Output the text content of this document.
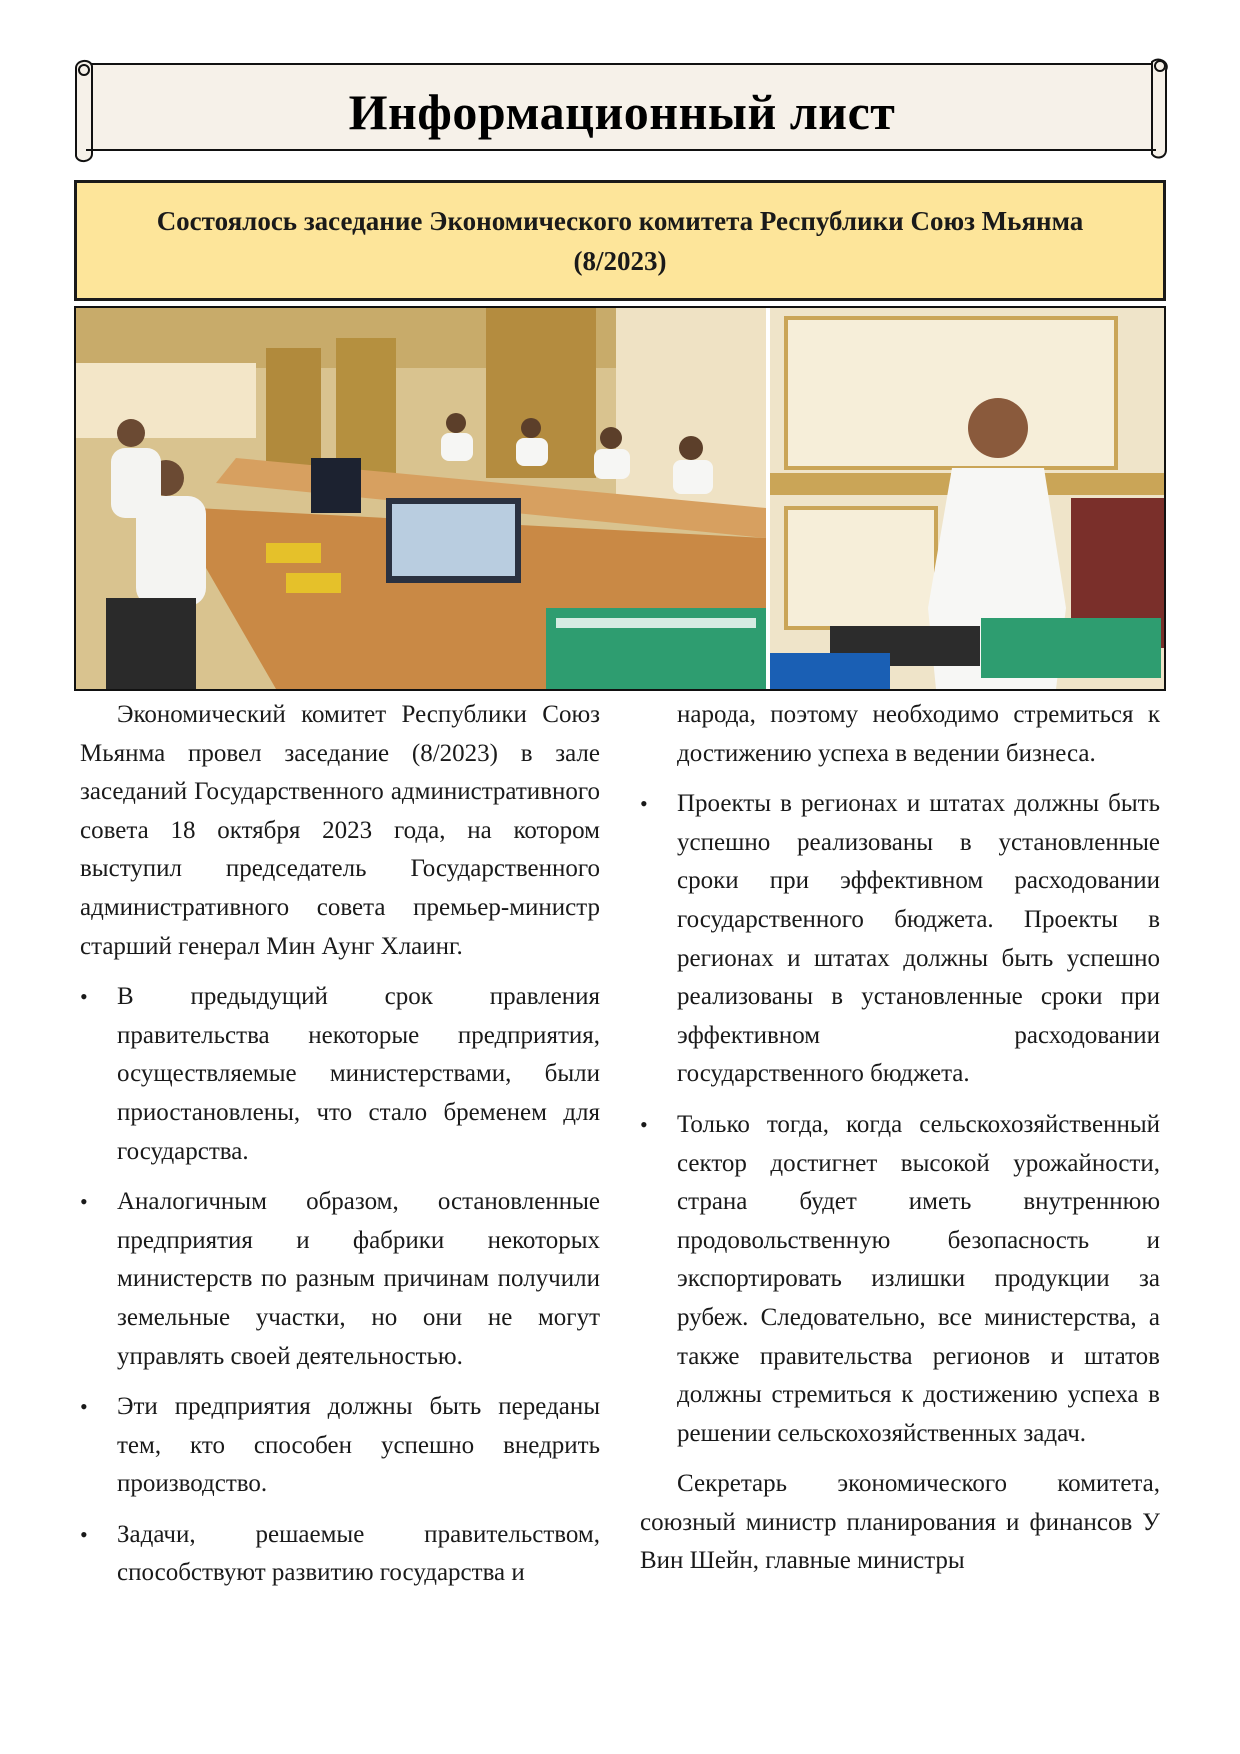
Информационный лист
Состоялось заседание Экономического комитета Республики Союз Мьянма
(8/2023)

Экономический комитет Республики Союз Мьянма провел заседание (8/2023) в зале заседаний Государственного административного совета 18 октября 2023 года, на котором выступил председатель Государственного административного совета премьер-министр старший генерал Мин Аунг Хлаинг.

• В предыдущий срок правления правительства некоторые предприятия, осуществляемые министерствами, были приостановлены, что стало бременем для государства.
• Аналогичным образом, остановленные предприятия и фабрики некоторых министерств по разным причинам получили земельные участки, но они не могут управлять своей деятельностью.
• Эти предприятия должны быть переданы тем, кто способен успешно внедрить производство.
• Задачи, решаемые правительством, способствуют развитию государства и

народа, поэтому необходимо стремиться к достижению успеха в ведении бизнеса.

• Проекты в регионах и штатах должны быть успешно реализованы в установленные сроки при эффективном расходовании государственного бюджета. Проекты в регионах и штатах должны быть успешно реализованы в установленные сроки при эффективном расходовании государственного бюджета.
• Только тогда, когда сельскохозяйственный сектор достигнет высокой урожайности, страна будет иметь внутреннюю продовольственную безопасность и экспортировать излишки продукции за рубеж. Следовательно, все министерства, а также правительства регионов и штатов должны стремиться к достижению успеха в решении сельскохозяйственных задач.

Секретарь экономического комитета, союзный министр планирования и финансов У Вин Шейн, главные министры
